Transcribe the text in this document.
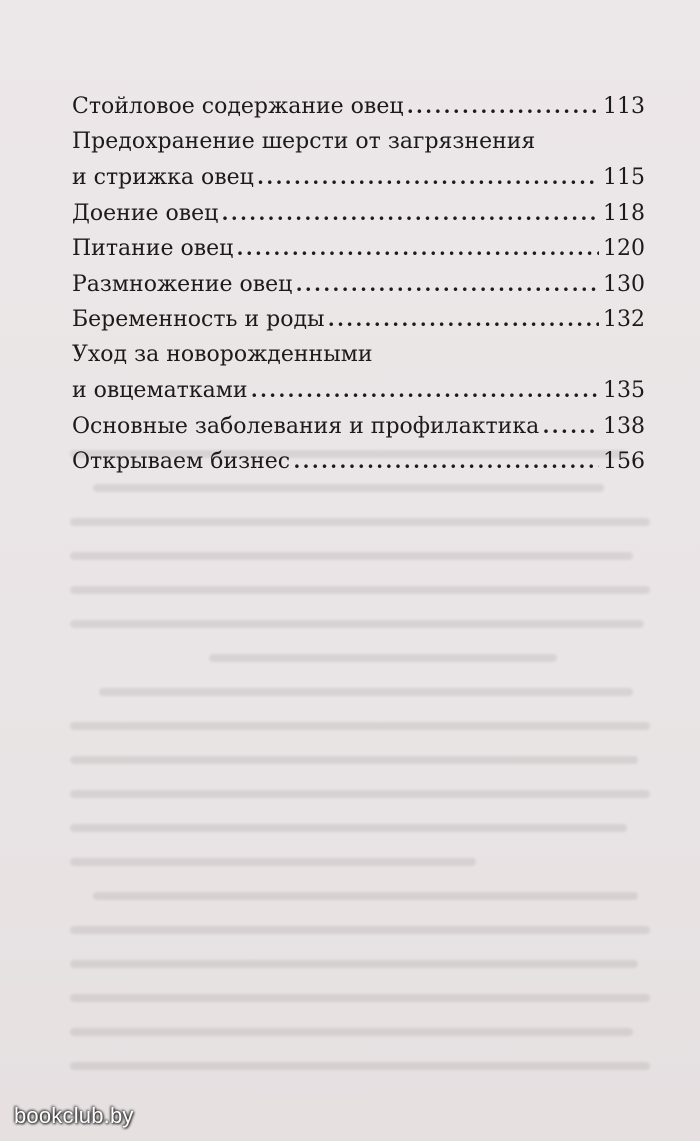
Стойловое содержание овец . . .	113
Предохранение шерсти от загрязнения
и стрижка овец . . .	115
Доение овец . . .	118
Питание овец . . .	120
Размножение овец . . .	130
Беременность и роды . . .	132
Уход за новорожденными
и овцематками . . .	135
Основные заболевания и профилактика . . .	138
Открываем бизнес . . .	156
bookclub.by
